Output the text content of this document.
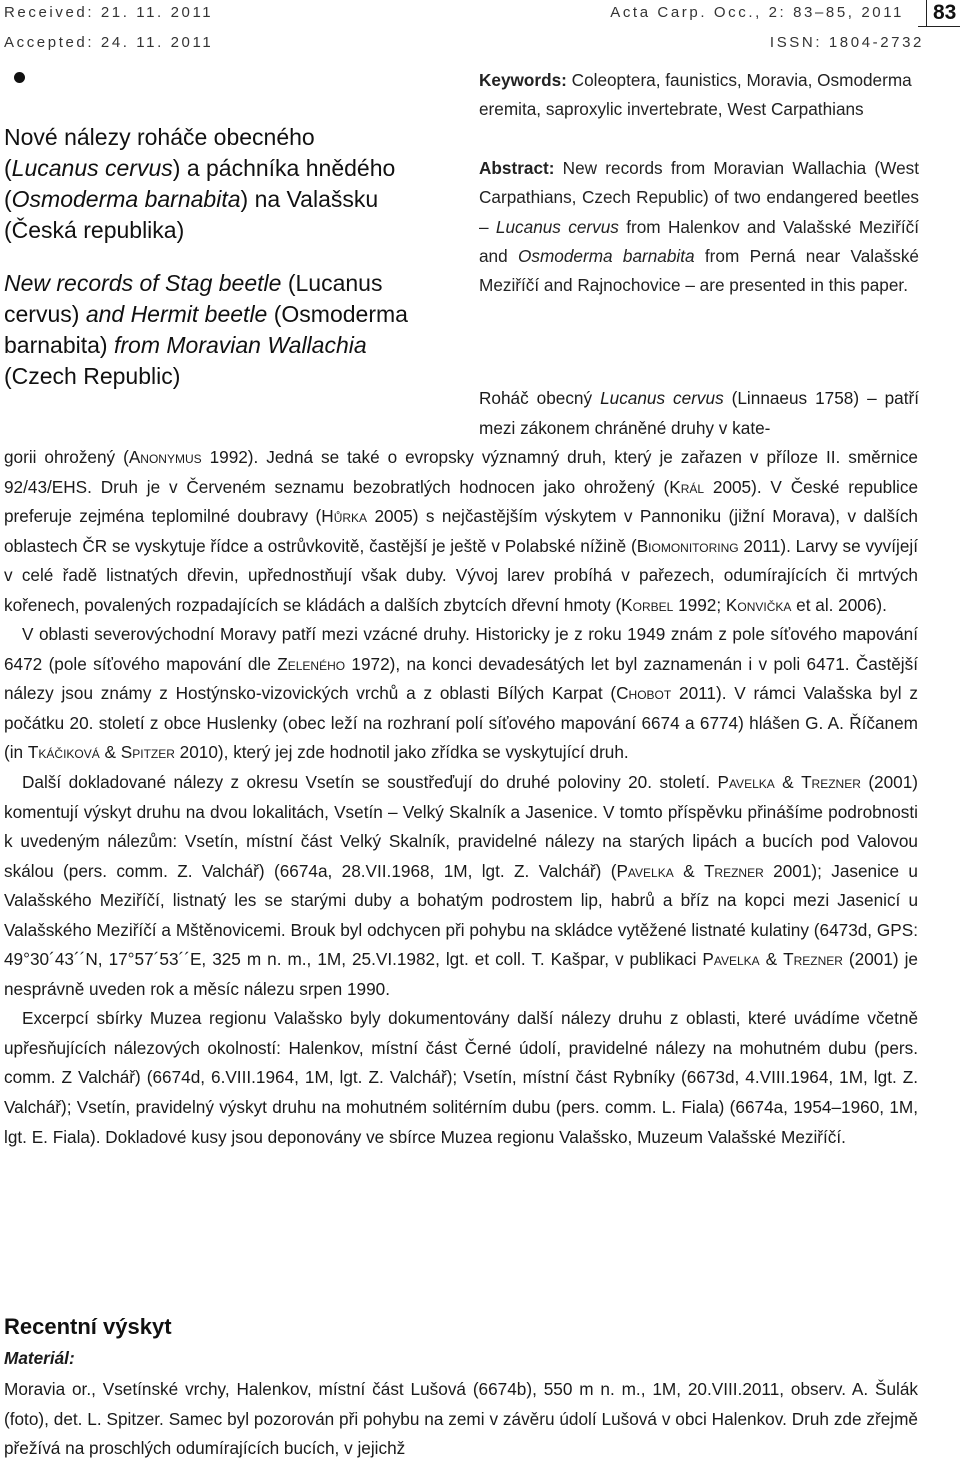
Received: 21. 11. 2011
Accepted: 24. 11. 2011
Acta Carp. Occ., 2: 83–85, 2011
ISSN: 1804-2732
83
Nové nálezy roháče obecného
(Lucanus cervus) a páchníka hnědého
(Osmoderma barnabita) na Valašsku
(Česká republika)
New records of Stag beetle (Lucanus
cervus) and Hermit beetle (Osmoderma
barnabita) from Moravian Wallachia
(Czech Republic)
Keywords: Coleoptera, faunistics, Moravia, Osmoderma eremita, saproxylic invertebrate, West Carpathians
Abstract: New records from Moravian Wallachia (West Carpathians, Czech Republic) of two endangered beetles – Lucanus cervus from Halenkov and Valašské Meziříčí and Osmoderma barnabita from Perná near Valašské Meziříčí and Rajnochovice – are presented in this paper.
Roháč obecný Lucanus cervus (Linnaeus 1758) – patří mezi zákonem chráněné druhy v kate-

gorii ohrožený (Anonymus 1992). Jedná se také o evropsky významný druh, který je zařazen v příloze II. směrnice 92/43/EHS. Druh je v Červeném seznamu bezobratlých hodnocen jako ohrožený (Král 2005). V České republice preferuje zejména teplomilné doubravy (Hůrka 2005) s nejčastějším výskytem v Pannoniku (jižní Morava), v dalších oblastech ČR se vyskytuje řídce a ostrůvkovitě, častější je ještě v Polabské nížině (Biomonitoring 2011). Larvy se vyvíjejí v celé řadě listnatých dřevin, upřednostňují však duby. Vývoj larev probíhá v pařezech, odumírajících či mrtvých kořenech, povalených rozpadajících se kládách a dalších zbytcích dřevní hmoty (Korbel 1992; Konvička et al. 2006).

V oblasti severovýchodní Moravy patří mezi vzácné druhy. Historicky je z roku 1949 znám z pole síťového mapování 6472 (pole síťového mapování dle Zeleného 1972), na konci devadesátých let byl zaznamenán i v poli 6471. Častější nálezy jsou známy z Hostýnsko-vizovických vrchů a z oblasti Bílých Karpat (Chobot 2011). V rámci Valašska byl z počátku 20. století z obce Huslenky (obec leží na rozhraní polí síťového mapování 6674 a 6774) hlášen G. A. Říčanem (in Tkáčiková & Spitzer 2010), který jej zde hodnotil jako zřídka se vyskytující druh.

Další dokladované nálezy z okresu Vsetín se soustřeďují do druhé poloviny 20. století. Pavelka & Trezner (2001) komentují výskyt druhu na dvou lokalitách, Vsetín – Velký Skalník a Jasenice. V tomto příspěvku přinášíme podrobnosti k uvedeným nálezům: Vsetín, místní část Velký Skalník, pravidelné nálezy na starých lipách a bucích pod Valovou skálou (pers. comm. Z. Valchář) (6674a, 28.VII.1968, 1M, lgt. Z. Valchář) (Pavelka & Trezner 2001); Jasenice u Valašského Meziříčí, listnatý les se starými duby a bohatým podrostem lip, habrů a bříz na kopci mezi Jasenicí u Valašského Meziříčí a Mštěnovicemi. Brouk byl odchycen při pohybu na skládce vytěžené listnaté kulatiny (6473d, GPS: 49°30´43´´N, 17°57´53´´E, 325 m n. m., 1M, 25.VI.1982, lgt. et coll. T. Kašpar, v publikaci Pavelka & Trezner (2001) je nesprávně uveden rok a měsíc nálezu srpen 1990.

Excerpcí sbírky Muzea regionu Valašsko byly dokumentovány další nálezy druhu z oblasti, které uvádíme včetně upřesňujících nálezových okolností: Halenkov, místní část Černé údolí, pravidelné nálezy na mohutném dubu (pers. comm. Z Valchář) (6674d, 6.VIII.1964, 1M, lgt. Z. Valchář); Vsetín, místní část Rybníky (6673d, 4.VIII.1964, 1M, lgt. Z. Valchář); Vsetín, pravidelný výskyt druhu na mohutném solitérním dubu (pers. comm. L. Fiala) (6674a, 1954–1960, 1M, lgt. E. Fiala). Dokladové kusy jsou deponovány ve sbírce Muzea regionu Valašsko, Muzeum Valašské Meziříčí.

Recentní výskyt
Materiál:

Moravia or., Vsetínské vrchy, Halenkov, místní část Lušová (6674b), 550 m n. m., 1M, 20.VIII.2011, observ. A. Šulák (foto), det. L. Spitzer. Samec byl pozorován při pohybu na zemi v závěru údolí Lušová v obci Halenkov. Druh zde zřejmě přežívá na proschlých odumírajících bucích, v jejichž
